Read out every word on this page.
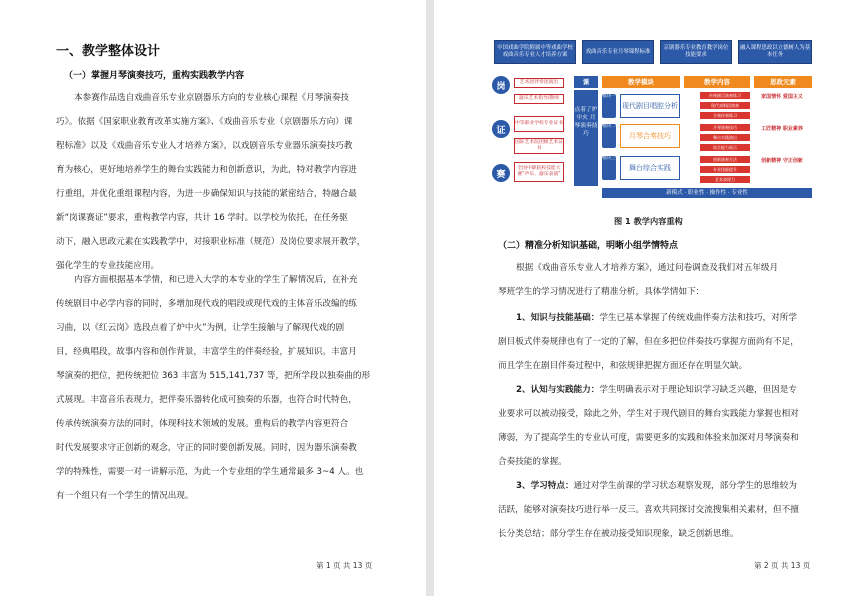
一、教学整体设计
（一）掌握月琴演奏技巧，重构实践教学内容
本参赛作品选自戏曲音乐专业京剧器乐方向的专业核心课程《月琴演奏技
巧》。依据《国家职业教育改革实施方案》、《戏曲音乐专业（京剧器乐方向）课
程标准》以及《戏曲音乐专业人才培养方案》，以戏剧音乐专业器乐演奏技巧教
育为核心，更好地培养学生的舞台实践能力和创新意识，为此，特对教学内容进
行重组，并优化重组课程内容，为进一步确保知识与技能的紧密结合，特融合最
新“岗课赛证”要求，重构教学内容，共计 16 学时。以学校为依托，在任务驱
动下，融入思政元素在实践教学中，对接职业标准（规范）及岗位要求展开教学，
强化学生的专业技能应用。
内容方面根据基本学情，和已进入大学的本专业的学生了解情况后，在补充
传统剧目中必学内容的同时，多增加现代戏的唱段或现代戏的主体音乐改编的练
习曲，以《红云岗》选段点着了炉中火”为例，让学生接触与了解现代戏的剧
目，经典唱段，故事内容和创作背景，丰富学生的伴奏经验，扩展知识。丰富月
琴演奏的把位，把传统把位 363 丰富为 515,141,737 等，把所学段以独奏曲的形
式展现。丰富音乐表现力，把伴奏乐器转化成可独奏的乐器，也符合时代特色，
传承传统演奏方法的同时，体现科技术领域的发展。重构后的教学内容更符合
时代发展要求守正创新的观念，守正的同时要创新发展。同时，因为器乐演奏教
学的特殊性，需要一对一讲解示范，为此一个专业组的学生通常最多 3~4 人。也
有一个组只有一个学生的情况出现。
第 1 页 共 13 页
中国戏曲学院附属中等戏曲学校戏曲音乐专业人才培养方案
戏曲音乐专业月琴课程标准
京剧器乐专业教育教学岗位技能要求
融入课程思政以立德树人为基本任务
岗
证
赛
艺术团伴奏团演出
器乐艺术指导/教师
中等职业学校专业证书
国际艺术院团级艺术证书
全国中职院校技能大赛“声乐、器乐表演”
课	教学模块	教学内容	思政元素
点着了炉中火 月琴演奏技巧
模块一
模块二
模块三
现代剧目唱腔分析
月琴合奏技巧
舞台综合实践
传统剧目演奏练习
现代戏唱段演奏
合奏伴奏练习
月琴演奏技巧
舞台实践演出
综合能力展示
创新演奏方法
专业技能提升
艺术表现力
家国情怀 爱国主义
工匠精神 职业素养
创新精神 守正创新
新模式 · 职业性 · 操作性 · 专业性
图 1 教学内容重构
（二）精准分析知识基础，明晰小组学情特点
根据《戏曲音乐专业人才培养方案》，通过问卷调查及我们对五年级月
琴班学生的学习情况进行了精准分析，具体学情如下：
1、知识与技能基础：学生已基本掌握了传统戏曲伴奏方法和技巧，对所学
剧目板式伴奏规律也有了一定的了解，但在多把位伴奏技巧掌握方面尚有不足，
而且学生在剧目伴奏过程中，和弦规律把握方面还存在明显欠缺。
2、认知与实践能力：学生明确表示对于理论知识学习缺乏兴趣，但因是专
业要求可以被动接受，除此之外，学生对于现代剧目的舞台实践能力掌握也相对
薄弱，为了提高学生的专业认可度，需要更多的实践和体验来加深对月琴演奏和
合奏技能的掌握。
3、学习特点：通过对学生前课的学习状态观察发现，部分学生的思维较为
活跃，能够对演奏技巧进行举一反三。喜欢共同探讨交流搜集相关素材，但不擅
长分类总结；部分学生存在被动接受知识现象，缺乏创新思维。
第 2 页 共 13 页
